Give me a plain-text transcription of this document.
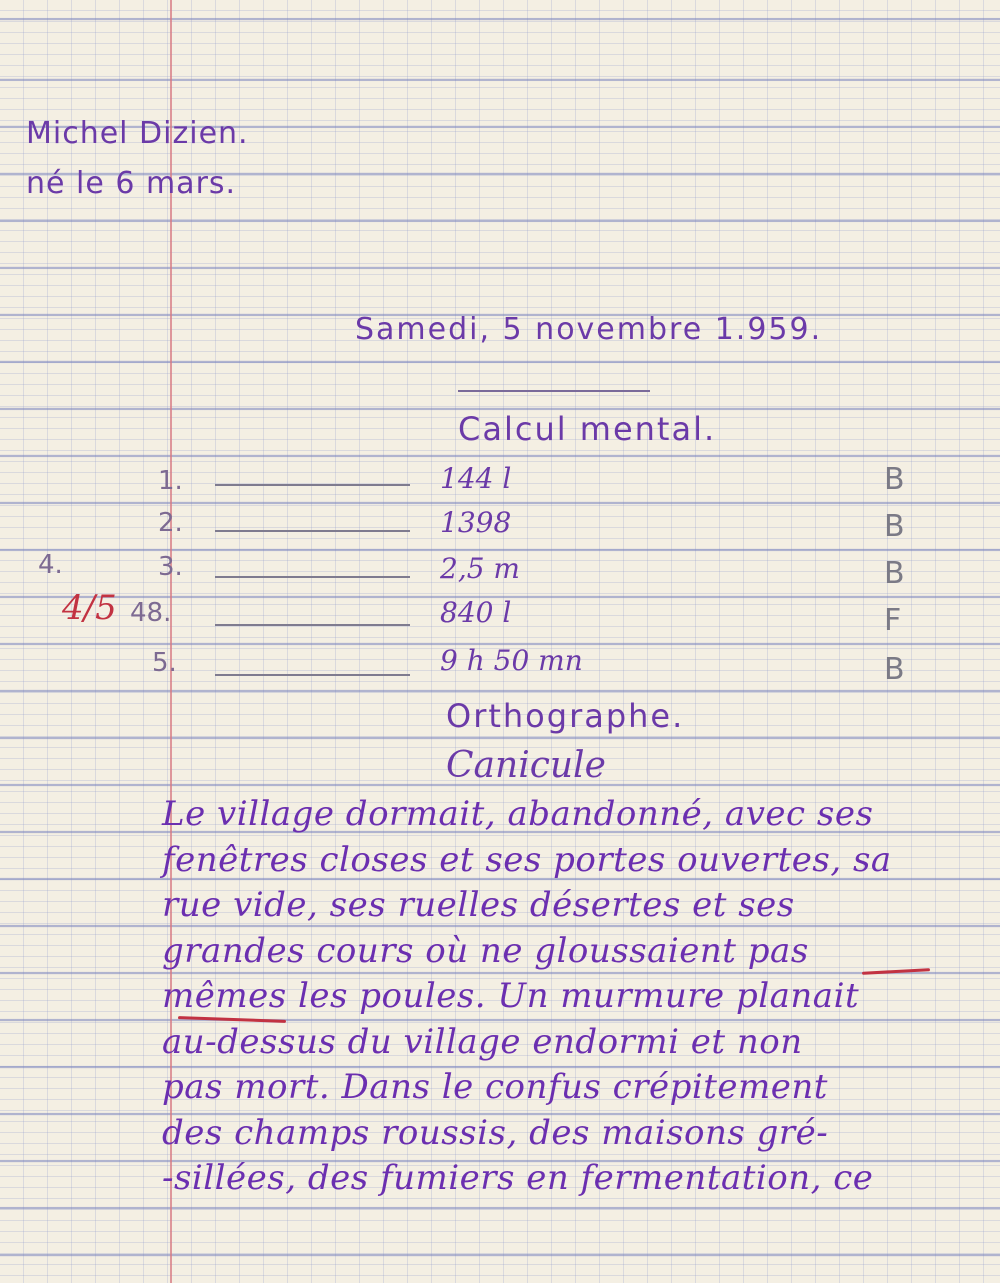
Michel Dizien.
né le 6 mars.
Samedi, 5 novembre 1.959.
Calcul mental.
4.
4/5
1.	144 l	B
2.	1398	B
3.	2,5 m	B
48.	840 l	F
5.	9 h 50 mn	B
Orthographe.
Canicule
Le village dormait, abandonné, avec ses
fenêtres closes et ses portes ouvertes, sa
rue vide, ses ruelles désertes et ses
grandes cours où ne gloussaient pas
mêmes les poules. Un murmure planait
au-dessus du village endormi et non
pas mort. Dans le confus crépitement
des champs roussis, des maisons gré-
-sillées, des fumiers en fermentation, ce
